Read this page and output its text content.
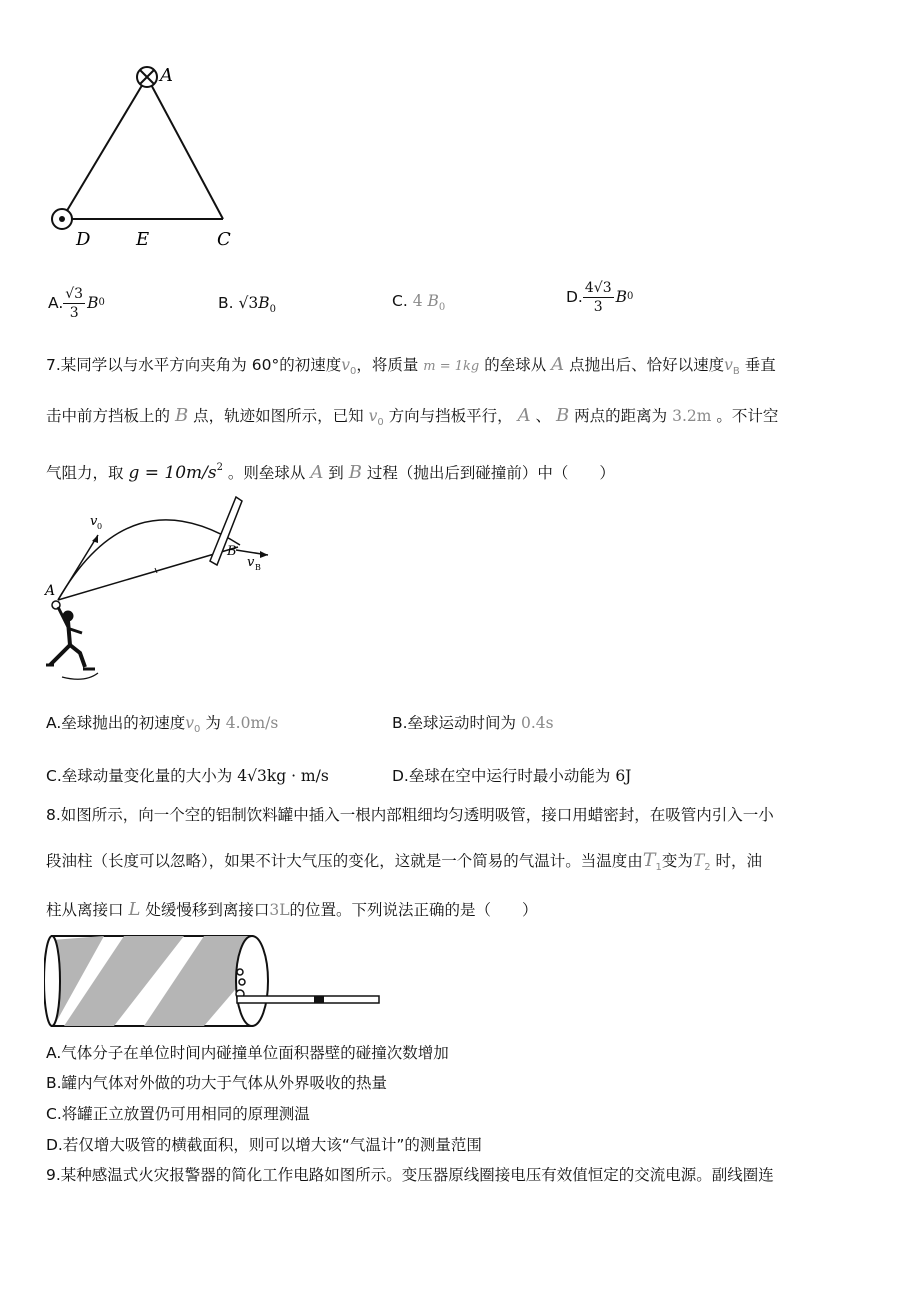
A
D	E	C
A. $\frac{√3}{3}$ B 0	B. $√3B_0$	C. 4 $B_0$
D. $\frac{4√3}{3}$ B 0
7.某同学以与水平方向夹角为 60°的初速度$v_0$，将质量 m = 1kg 的垒球从 A 点抛出后、恰好以速度$v_B$ 垂直
击中前方挡板上的 B 点，轨迹如图所示，已知 $v_0$ 方向与挡板平行， A 、 B 两点的距离为 3.2m 。不计空
气阻力，取 $g = 10m/s^2$ 。则垒球从 A 到 B 过程（抛出后到碰撞前）中（　　）
v 0
B
v B
A
A.垒球抛出的初速度$v_0$ 为 4.0m/s	B.垒球运动时间为 0.4s
C.垒球动量变化量的大小为 4√3kg · m/s	D.垒球在空中运行时最小动能为 6J
8.如图所示，向一个空的铝制饮料罐中插入一根内部粗细均匀透明吸管，接口用蜡密封，在吸管内引入一小
段油柱（长度可以忽略），如果不计大气压的变化，这就是一个简易的气温计。当温度由$T_1$变为$T_2$ 时，油
柱从离接口 L 处缓慢移到离接口3L的位置。下列说法正确的是（　　）
A.气体分子在单位时间内碰撞单位面积器壁的碰撞次数增加
B.罐内气体对外做的功大于气体从外界吸收的热量
C.将罐正立放置仍可用相同的原理测温
D.若仅增大吸管的横截面积，则可以增大该“气温计”的测量范围
9.某种感温式火灾报警器的简化工作电路如图所示。变压器原线圈接电压有效值恒定的交流电源。副线圈连
